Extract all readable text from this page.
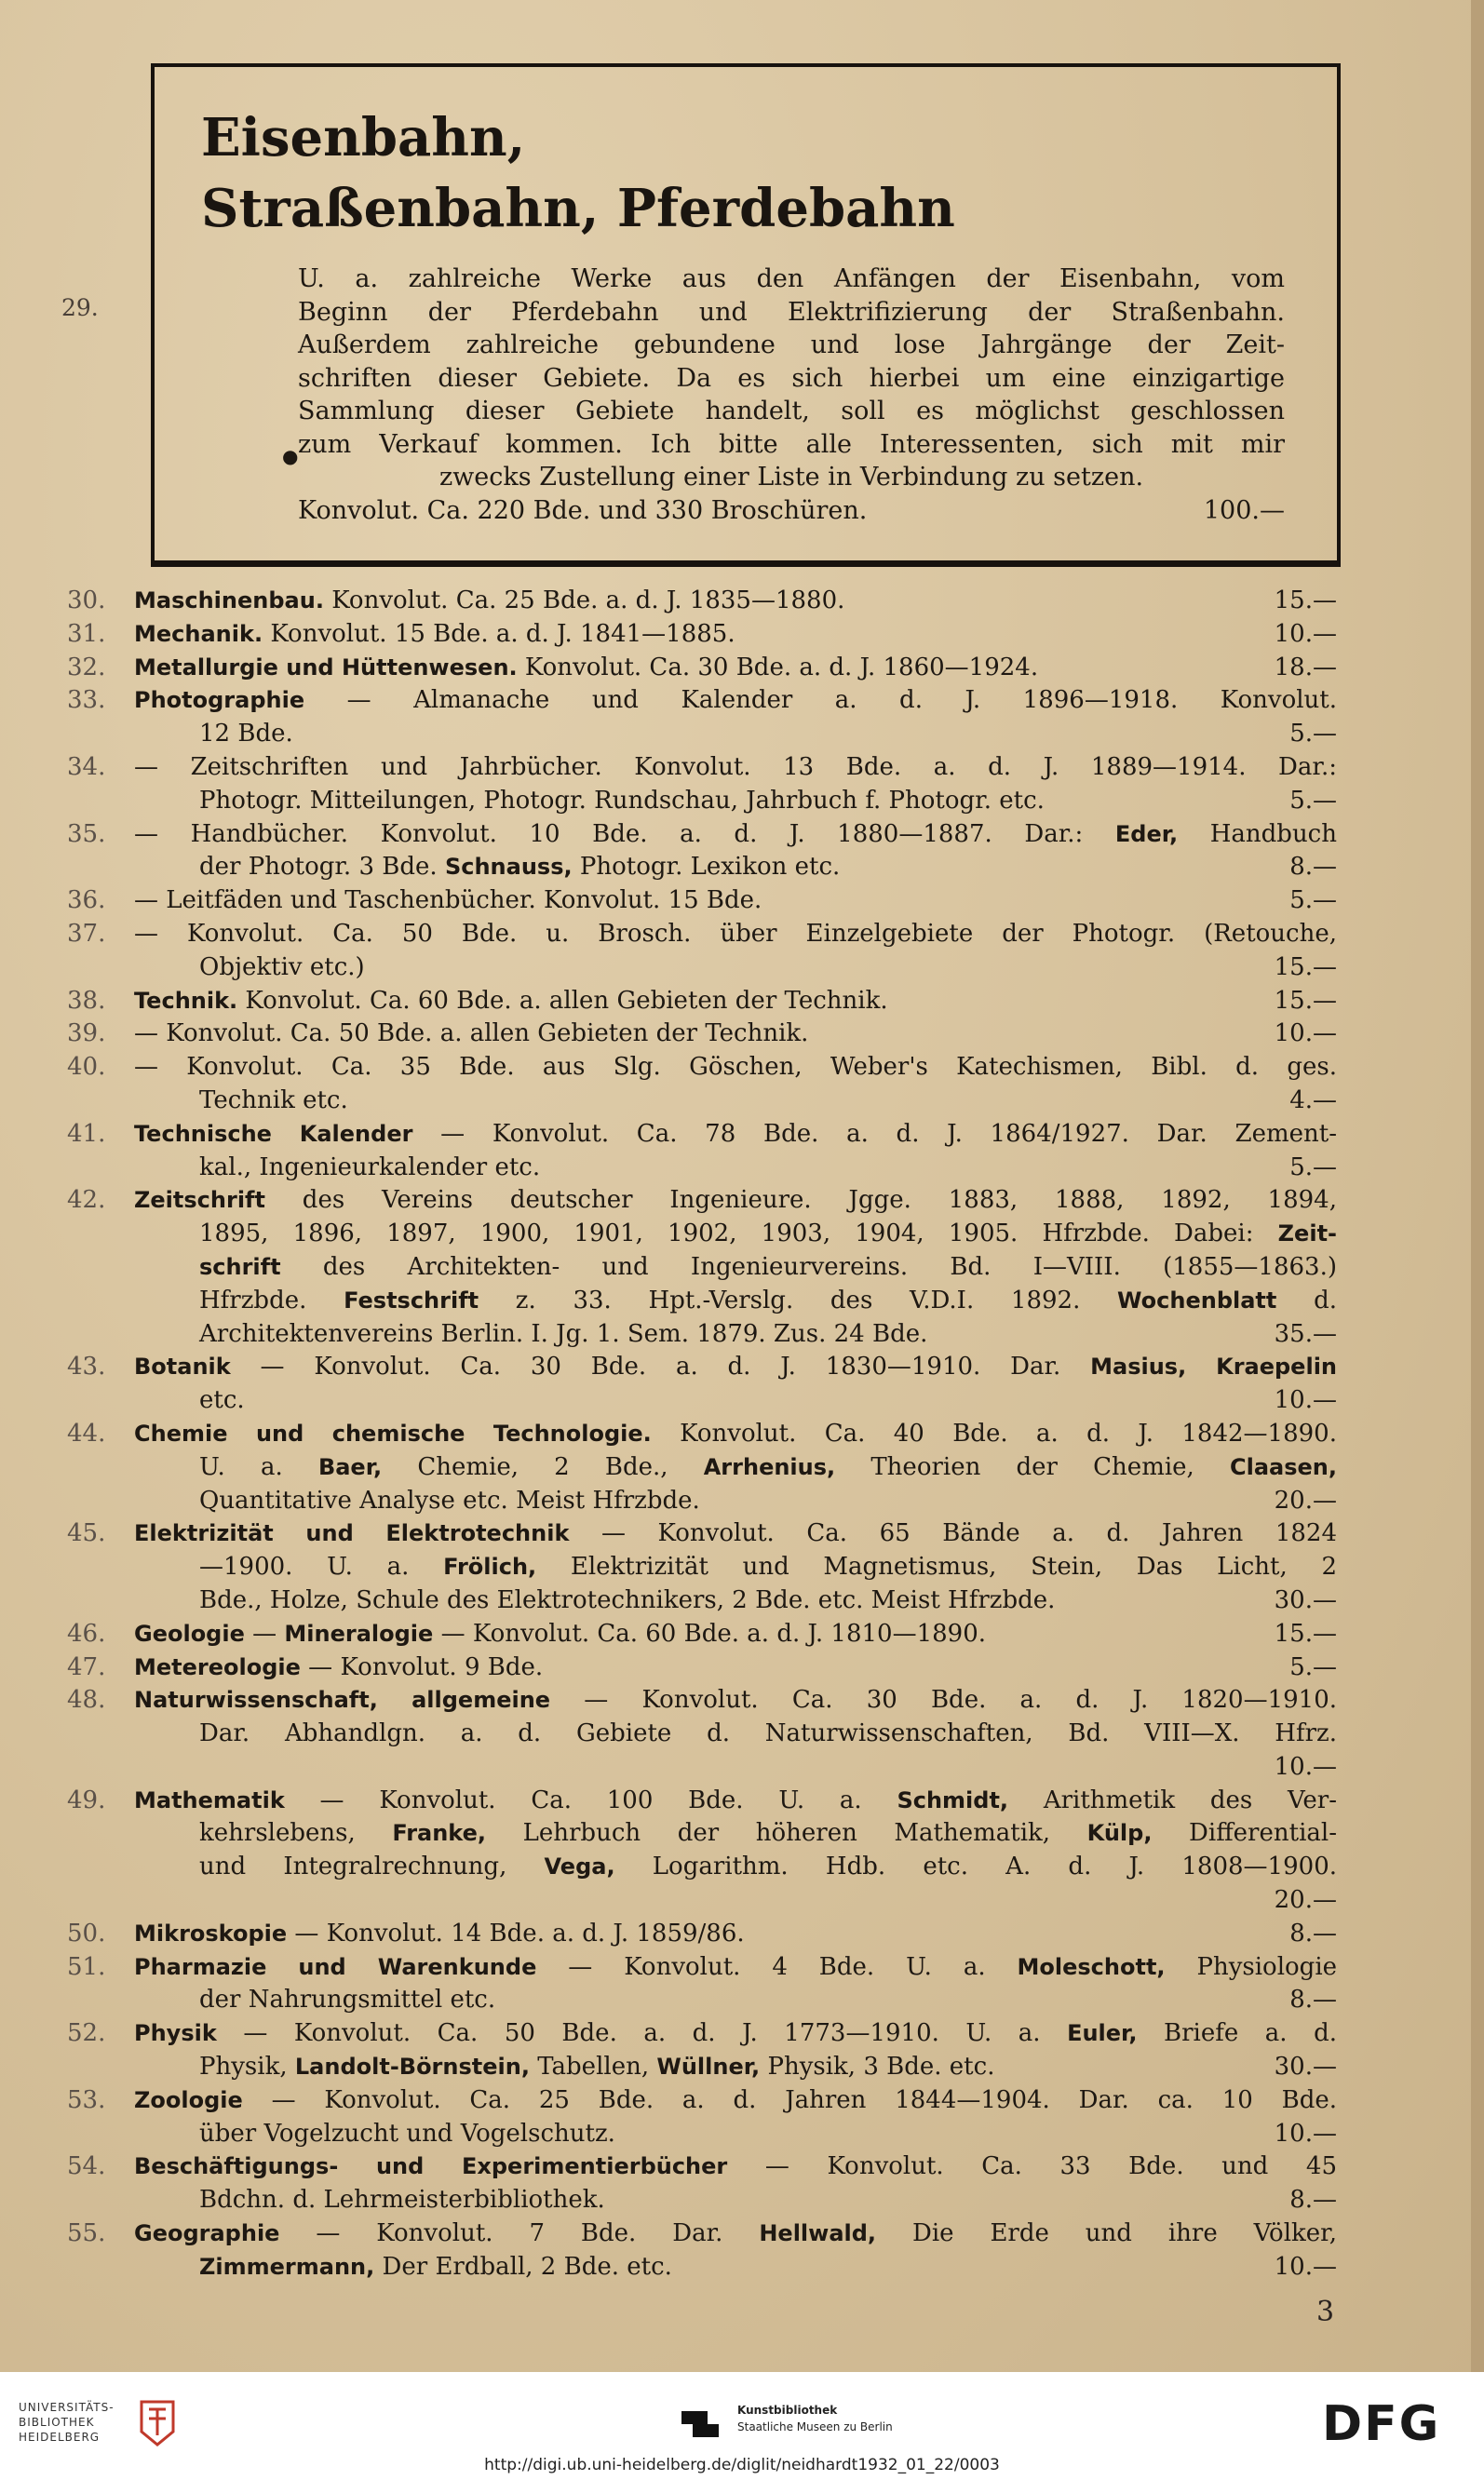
Eisenbahn,
Straßenbahn, Pferdebahn
29.
●
U. a. zahlreiche Werke aus den Anfängen der Eisenbahn, vom
Beginn der Pferdebahn und Elektrifizierung der Straßenbahn.
Außerdem zahlreiche gebundene und lose Jahrgänge der Zeit-
schriften dieser Gebiete. Da es sich hierbei um eine einzigartige
Sammlung dieser Gebiete handelt, soll es möglichst geschlossen
zum Verkauf kommen. Ich bitte alle Interessenten, sich mit mir
zwecks Zustellung einer Liste in Verbindung zu setzen.
Konvolut. Ca. 220 Bde. und 330 Broschüren.	100.—
30.	Maschinenbau. Konvolut. Ca. 25 Bde. a. d. J. 1835—1880.	15.—
31.	Mechanik. Konvolut. 15 Bde. a. d. J. 1841—1885.	10.—
32.	Metallurgie und Hüttenwesen. Konvolut. Ca. 30 Bde. a. d. J. 1860—1924.	18.—
33.	Photographie — Almanache und Kalender a. d. J. 1896—1918. Konvolut.
12 Bde.	5.—
34.	— Zeitschriften und Jahrbücher. Konvolut. 13 Bde. a. d. J. 1889—1914. Dar.:
Photogr. Mitteilungen, Photogr. Rundschau, Jahrbuch f. Photogr. etc.	5.—
35.	— Handbücher. Konvolut. 10 Bde. a. d. J. 1880—1887. Dar.: Eder, Handbuch
der Photogr. 3 Bde. Schnauss, Photogr. Lexikon etc.	8.—
36.	— Leitfäden und Taschenbücher. Konvolut. 15 Bde.	5.—
37.	— Konvolut. Ca. 50 Bde. u. Brosch. über Einzelgebiete der Photogr. (Retouche,
Objektiv etc.)	15.—
38.	Technik. Konvolut. Ca. 60 Bde. a. allen Gebieten der Technik.	15.—
39.	— Konvolut. Ca. 50 Bde. a. allen Gebieten der Technik.	10.—
40.	— Konvolut. Ca. 35 Bde. aus Slg. Göschen, Weber's Katechismen, Bibl. d. ges.
Technik etc.	4.—
41.	Technische Kalender — Konvolut. Ca. 78 Bde. a. d. J. 1864/1927. Dar. Zement-
kal., Ingenieurkalender etc.	5.—
42.	Zeitschrift des Vereins deutscher Ingenieure. Jgge. 1883, 1888, 1892, 1894,
1895, 1896, 1897, 1900, 1901, 1902, 1903, 1904, 1905. Hfrzbde. Dabei: Zeit-
schrift des Architekten- und Ingenieurvereins. Bd. I—VIII. (1855—1863.)
Hfrzbde. Festschrift z. 33. Hpt.-Verslg. des V.D.I. 1892. Wochenblatt d.
Architektenvereins Berlin. I. Jg. 1. Sem. 1879. Zus. 24 Bde.	35.—
43.	Botanik — Konvolut. Ca. 30 Bde. a. d. J. 1830—1910. Dar. Masius, Kraepelin
etc.	10.—
44.	Chemie und chemische Technologie. Konvolut. Ca. 40 Bde. a. d. J. 1842—1890.
U. a. Baer, Chemie, 2 Bde., Arrhenius, Theorien der Chemie, Claasen,
Quantitative Analyse etc. Meist Hfrzbde.	20.—
45.	Elektrizität und Elektrotechnik — Konvolut. Ca. 65 Bände a. d. Jahren 1824
—1900. U. a. Frölich, Elektrizität und Magnetismus, Stein, Das Licht, 2
Bde., Holze, Schule des Elektrotechnikers, 2 Bde. etc. Meist Hfrzbde.	30.—
46.	Geologie — Mineralogie — Konvolut. Ca. 60 Bde. a. d. J. 1810—1890.	15.—
47.	Metereologie — Konvolut. 9 Bde.	5.—
48.	Naturwissenschaft, allgemeine — Konvolut. Ca. 30 Bde. a. d. J. 1820—1910.
Dar. Abhandlgn. a. d. Gebiete d. Naturwissenschaften, Bd. VIII—X. Hfrz.
10.—
49.	Mathematik — Konvolut. Ca. 100 Bde. U. a. Schmidt, Arithmetik des Ver-
kehrslebens, Franke, Lehrbuch der höheren Mathematik, Külp, Differential-
und Integralrechnung, Vega, Logarithm. Hdb. etc. A. d. J. 1808—1900.
20.—
50.	Mikroskopie — Konvolut. 14 Bde. a. d. J. 1859/86.	8.—
51.	Pharmazie und Warenkunde — Konvolut. 4 Bde. U. a. Moleschott, Physiologie
der Nahrungsmittel etc.	8.—
52.	Physik — Konvolut. Ca. 50 Bde. a. d. J. 1773—1910. U. a. Euler, Briefe a. d.
Physik, Landolt-Börnstein, Tabellen, Wüllner, Physik, 3 Bde. etc.	30.—
53.	Zoologie — Konvolut. Ca. 25 Bde. a. d. Jahren 1844—1904. Dar. ca. 10 Bde.
über Vogelzucht und Vogelschutz.	10.—
54.	Beschäftigungs- und Experimentierbücher — Konvolut. Ca. 33 Bde. und 45
Bdchn. d. Lehrmeisterbibliothek.	8.—
55.	Geographie — Konvolut. 7 Bde. Dar. Hellwald, Die Erde und ihre Völker,
Zimmermann, Der Erdball, 2 Bde. etc.	10.—
3
UNIVERSITÄTS-
BIBLIOTHEK
HEIDELBERG
Kunstbibliothek
Staatliche Museen zu Berlin	DFG
http://digi.ub.uni-heidelberg.de/diglit/neidhardt1932_01_22/0003
